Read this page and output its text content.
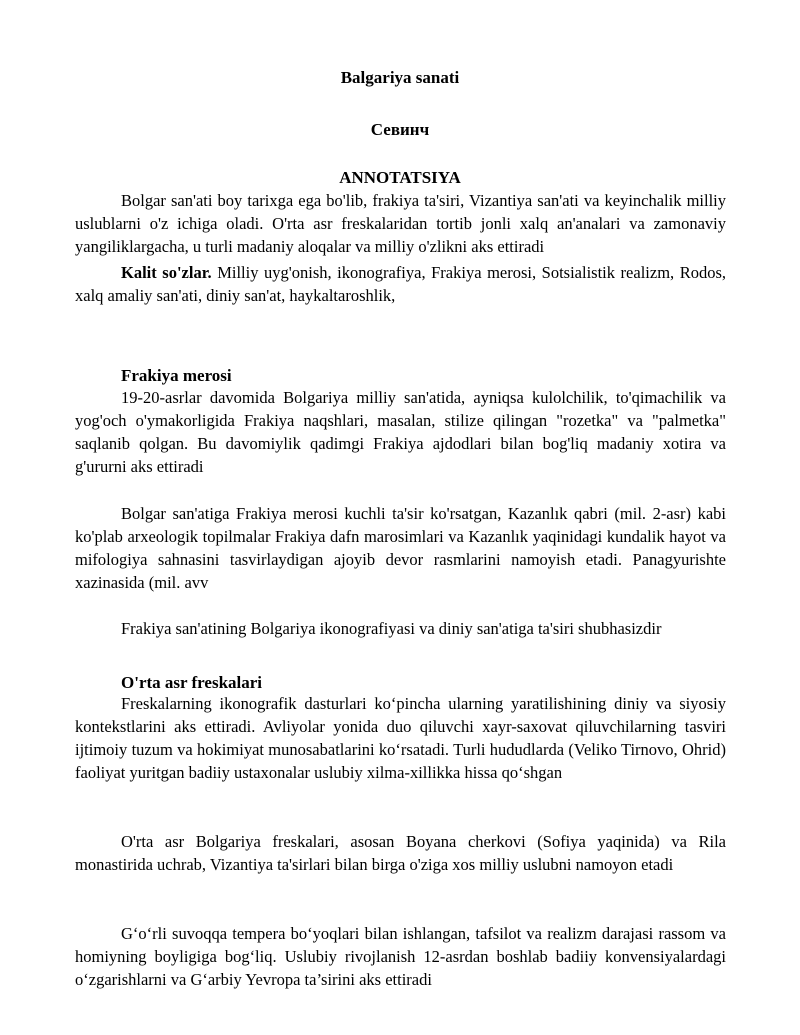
Balgariya sanati
Севинч
ANNOTATSIYA

Bolgar san'ati boy tarixga ega bo'lib, frakiya ta'siri, Vizantiya san'ati va keyinchalik milliy uslublarni o'z ichiga oladi. O'rta asr freskalaridan tortib jonli xalq an'analari va zamonaviy yangiliklargacha, u turli madaniy aloqalar va milliy o'zlikni aks ettiradi

Kalit so'zlar. Milliy uyg'onish, ikonografiya, Frakiya merosi, Sotsialistik realizm, Rodos, xalq amaliy san'ati, diniy san'at, haykaltaroshlik,

Frakiya merosi

19-20-asrlar davomida Bolgariya milliy san'atida, ayniqsa kulolchilik, to'qimachilik va yog'och o'ymakorligida Frakiya naqshlari, masalan, stilize qilingan "rozetka" va "palmetka" saqlanib qolgan. Bu davomiylik qadimgi Frakiya ajdodlari bilan bog'liq madaniy xotira va g'ururni aks ettiradi

Bolgar san'atiga Frakiya merosi kuchli ta'sir ko'rsatgan, Kazanlık qabri (mil. 2-asr) kabi ko'plab arxeologik topilmalar Frakiya dafn marosimlari va Kazanlık yaqinidagi kundalik hayot va mifologiya sahnasini tasvirlaydigan ajoyib devor rasmlarini namoyish etadi. Panagyurishte xazinasida (mil. avv

Frakiya san'atining Bolgariya ikonografiyasi va diniy san'atiga ta'siri shubhasizdir

O'rta asr freskalari

Freskalarning ikonografik dasturlari ko‘pincha ularning yaratilishining diniy va siyosiy kontekstlarini aks ettiradi. Avliyolar yonida duo qiluvchi xayr-saxovat qiluvchilarning tasviri ijtimoiy tuzum va hokimiyat munosabatlarini ko‘rsatadi. Turli hududlarda (Veliko Tirnovo, Ohrid) faoliyat yuritgan badiiy ustaxonalar uslubiy xilma-xillikka hissa qo‘shgan

O'rta asr Bolgariya freskalari, asosan Boyana cherkovi (Sofiya yaqinida) va Rila monastirida uchrab, Vizantiya ta'sirlari bilan birga o'ziga xos milliy uslubni namoyon etadi

G‘o‘rli suvoqqa tempera bo‘yoqlari bilan ishlangan, tafsilot va realizm darajasi rassom va homiyning boyligiga bog‘liq. Uslubiy rivojlanish 12-asrdan boshlab badiiy konvensiyalardagi o‘zgarishlarni va G‘arbiy Yevropa ta’sirini aks ettiradi
